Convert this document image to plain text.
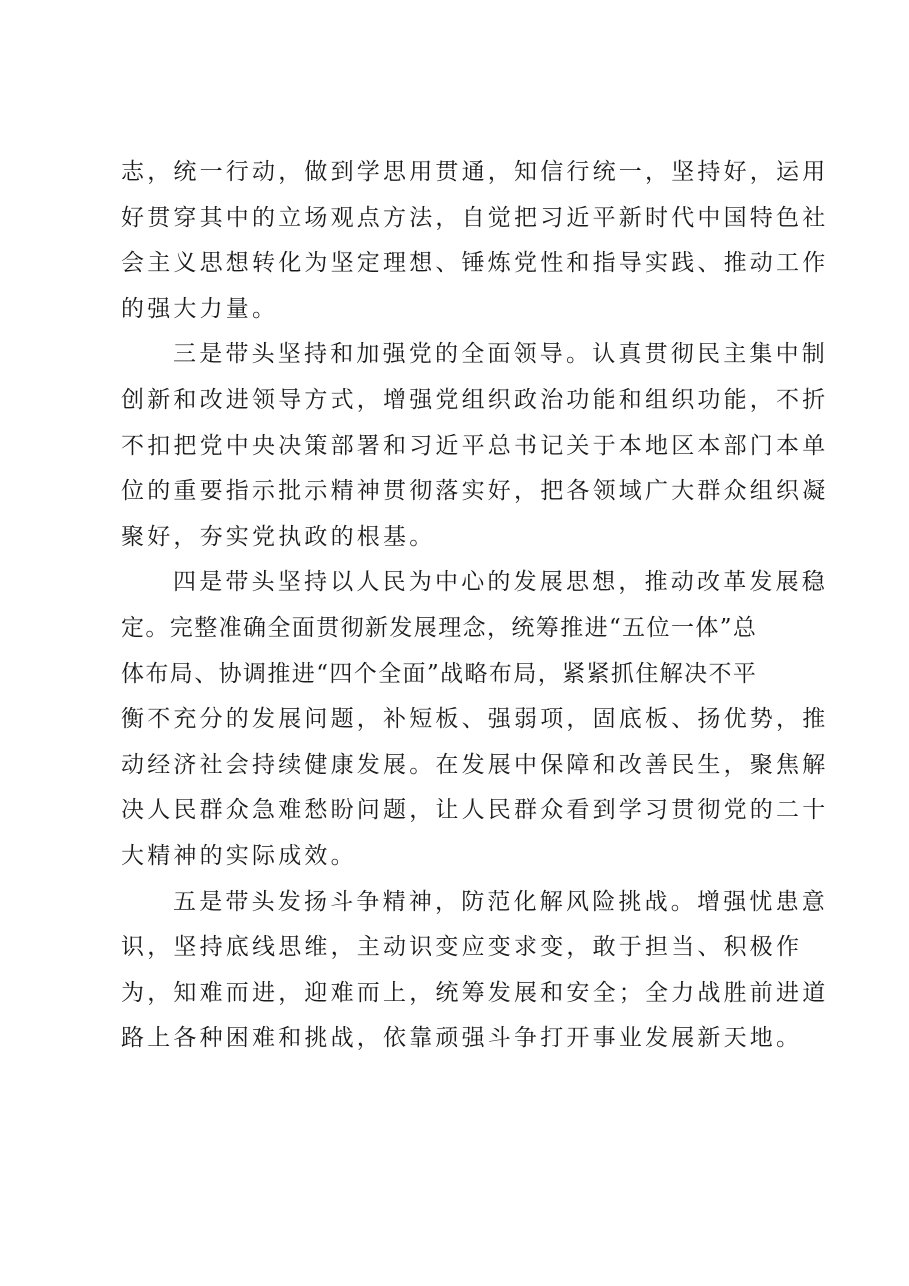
志，统一行动，做到学思用贯通，知信行统一，坚持好，运用
好贯穿其中的立场观点方法，自觉把习近平新时代中国特色社
会主义思想转化为坚定理想、锤炼党性和指导实践、推动工作
的强大力量。
三是带头坚持和加强党的全面领导。认真贯彻民主集中制
创新和改进领导方式，增强党组织政治功能和组织功能，不折
不扣把党中央决策部署和习近平总书记关于本地区本部门本单
位的重要指示批示精神贯彻落实好，把各领域广大群众组织凝
聚好，夯实党执政的根基。
四是带头坚持以人民为中心的发展思想，推动改革发展稳
定。完整准确全面贯彻新发展理念，统筹推进“五位一体”总
体布局、协调推进“四个全面”战略布局，紧紧抓住解决不平
衡不充分的发展问题，补短板、强弱项，固底板、扬优势，推
动经济社会持续健康发展。在发展中保障和改善民生，聚焦解
决人民群众急难愁盼问题，让人民群众看到学习贯彻党的二十
大精神的实际成效。
五是带头发扬斗争精神，防范化解风险挑战。增强忧患意
识，坚持底线思维，主动识变应变求变，敢于担当、积极作
为，知难而进，迎难而上，统筹发展和安全；全力战胜前进道
路上各种困难和挑战，依靠顽强斗争打开事业发展新天地。
